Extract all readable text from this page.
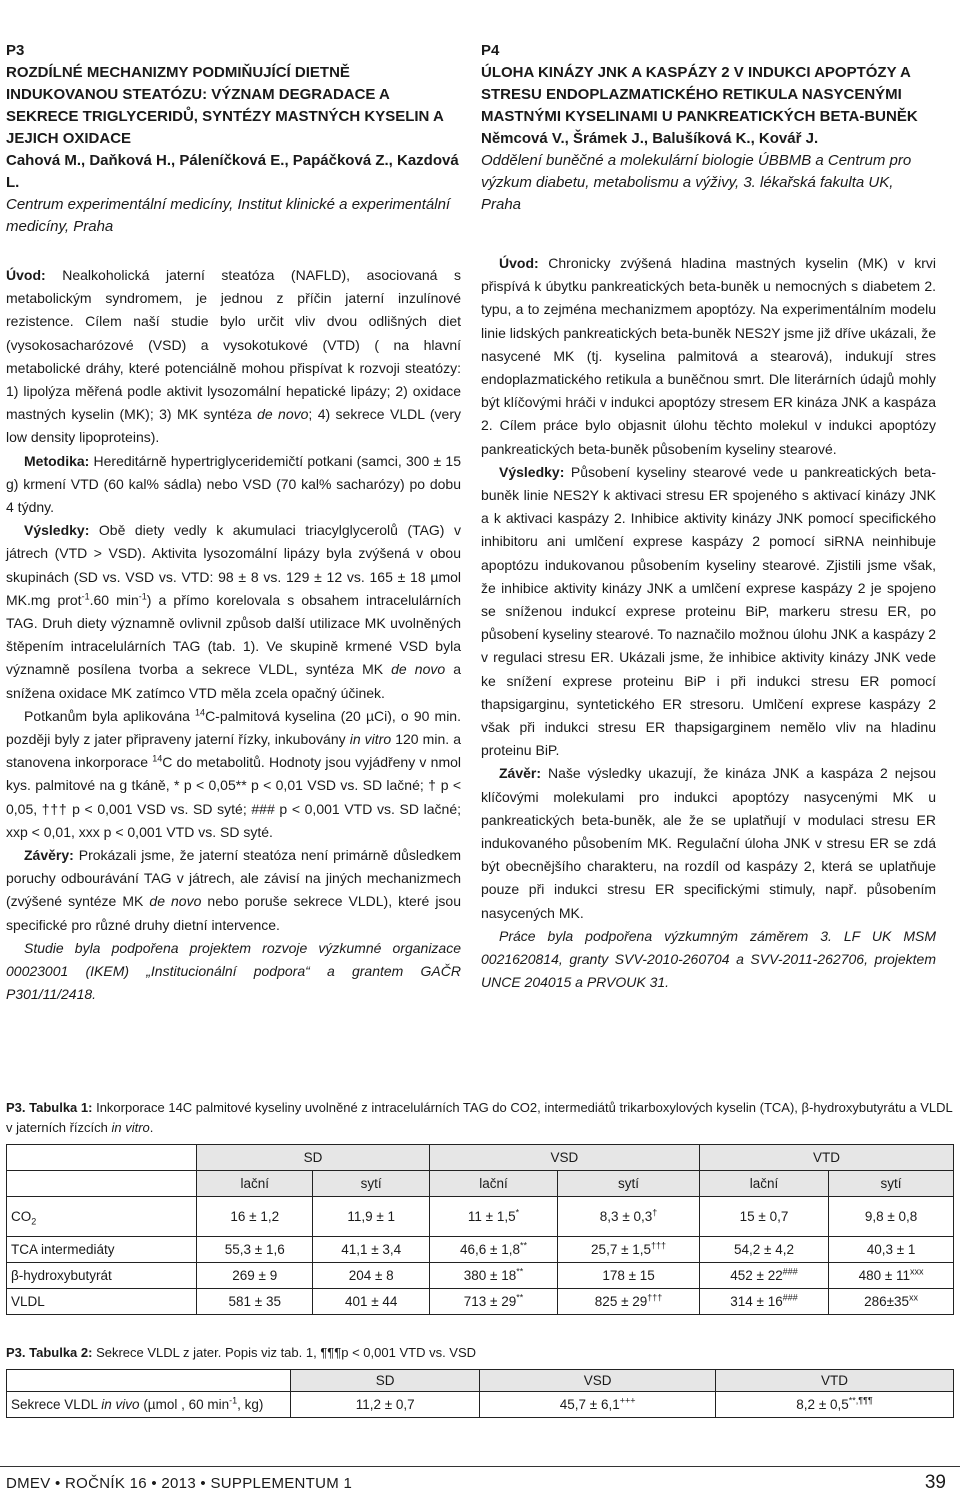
P3
ROZDÍLNÉ MECHANIZMY PODMIŇUJÍCÍ DIETNĚ INDUKOVANOU STEATÓZU: VÝZNAM DEGRADACE A SEKRECE TRIGLYCERIDŮ, SYNTÉZY MASTNÝCH KYSELIN A JEJICH OXIDACE
Cahová M., Daňková H., Páleníčková E., Papáčková Z., Kazdová L.
Centrum experimentální medicíny, Institut klinické a experimentální medicíny, Praha

Úvod: Nealkoholická jaterní steatóza (NAFLD), asociovaná s metabolickým syndromem, je jednou z příčin jaterní inzulínové rezistence. Cílem naší studie bylo určit vliv dvou odlišných diet (vysokosacharózové (VSD) a vysokotukové (VTD) ( na hlavní metabolické dráhy, které potenciálně mohou přispívat k rozvoji steatózy: 1) lipolýza měřená podle aktivit lysozomální hepatické lipázy; 2) oxidace mastných kyselin (MK); 3) MK syntéza de novo; 4) sekrece VLDL (very low density lipoproteins).

Metodika: Hereditárně hypertriglyceridemičtí potkani (samci, 300 ± 15 g) krmení VTD (60 kal% sádla) nebo VSD (70 kal% sacharózy) po dobu 4 týdny.

Výsledky: Obě diety vedly k akumulaci triacylglycerolů (TAG) v játrech (VTD > VSD). Aktivita lysozomální lipázy byla zvýšená v obou skupinách (SD vs. VSD vs. VTD: 98 ± 8 vs. 129 ± 12 vs. 165 ± 18 µmol MK.mg prot$^{-1}$.60 $\min^{-1}$) a přímo korelovala s obsahem intracelulárních TAG. Druh diety významně ovlivnil způsob další utilizace MK uvolněných štěpením intracelulárních TAG (tab. 1). Ve skupině krmené VSD byla významně posílena tvorba a sekrece VLDL, syntéza MK de novo a snížena oxidace MK zatímco VTD měla zcela opačný účinek.

Potkanům byla aplikována $^{14}$C-palmitová kyselina (20 µCi), o 90 min. později byly z jater připraveny jaterní řízky, inkubovány in vitro 120 min. a stanovena inkorporace $^{14}$C do metabolitů. Hodnoty jsou vyjádřeny v nmol kys. palmitové na g tkáně, * p < 0,05** p < 0,01 VSD vs. SD lačné; † p < 0,05, ††† p < 0,001 VSD vs. SD syté; ### p < 0,001 VTD vs. SD lačné; xxp < 0,01, xxx p < 0,001 VTD vs. SD syté.

Závěry: Prokázali jsme, že jaterní steatóza není primárně důsledkem poruchy odbourávání TAG v játrech, ale závisí na jiných mechanizmech (zvýšené syntéze MK de novo nebo poruše sekrece VLDL), které jsou specifické pro různé druhy dietní intervence.

Studie byla podpořena projektem rozvoje výzkumné organizace 00023001 (IKEM) „Institucionální podpora“ a grantem GAČR P301/11/2418.

P4
ÚLOHA KINÁZY JNK A KASPÁZY 2 V INDUKCI APOPTÓZY A STRESU ENDOPLAZMATICKÉHO RETIKULA NASYCENÝMI MASTNÝMI KYSELINAMI U PANKREATICKÝCH BETA-BUNĚK
Němcová V., Šrámek J., Balušíková K., Kovář J.
Oddělení buněčné a molekulární biologie ÚBBMB a Centrum pro výzkum diabetu, metabolismu a výživy, 3. lékařská fakulta UK, Praha

Úvod: Chronicky zvýšená hladina mastných kyselin (MK) v krvi přispívá k úbytku pankreatických beta-buněk u nemocných s diabetem 2. typu, a to zejména mechanizmem apoptózy. Na experimentálním modelu linie lidských pankreatických beta-buněk NES2Y jsme již dříve ukázali, že nasycené MK (tj. kyselina palmitová a stearová), indukují stres endoplazmatického retikula a buněčnou smrt. Dle literárních údajů mohly být klíčovými hráči v indukci apoptózy stresem ER kináza JNK a kaspáza 2. Cílem práce bylo objasnit úlohu těchto molekul v indukci apoptózy pankreatických beta-buněk působením kyseliny stearové.

Výsledky: Působení kyseliny stearové vede u pankreatických beta-buněk linie NES2Y k aktivaci stresu ER spojeného s aktivací kinázy JNK a k aktivaci kaspázy 2. Inhibice aktivity kinázy JNK pomocí specifického inhibitoru ani umlčení exprese kaspázy 2 pomocí siRNA neinhibuje apoptózu indukovanou působením kyseliny stearové. Zjistili jsme však, že inhibice aktivity kinázy JNK a umlčení exprese kaspázy 2 je spojeno se sníženou indukcí exprese proteinu BiP, markeru stresu ER, po působení kyseliny stearové. To naznačilo možnou úlohu JNK a kaspázy 2 v regulaci stresu ER. Ukázali jsme, že inhibice aktivity kinázy JNK vede ke snížení exprese proteinu BiP i při indukci stresu ER pomocí thapsigarginu, syntetického ER stresoru. Umlčení exprese kaspázy 2 však při indukci stresu ER thapsigarginem nemělo vliv na hladinu proteinu BiP.

Závěr: Naše výsledky ukazují, že kináza JNK a kaspáza 2 nejsou klíčovými molekulami pro indukci apoptózy nasycenými MK u pankreatických beta-buněk, ale že se uplatňují v modulaci stresu ER indukovaného působením MK. Regulační úloha JNK v stresu ER se zdá být obecnějšího charakteru, na rozdíl od kaspázy 2, která se uplatňuje pouze při indukci stresu ER specifickými stimuly, např. působením nasycených MK.

Práce byla podpořena výzkumným záměrem 3. LF UK MSM 0021620814, granty SVV-2010-260704 a SVV-2011-262706, projektem UNCE 204015 a PRVOUK 31.

P3. Tabulka 1: Inkorporace 14C palmitové kyseliny uvolněné z intracelulárních TAG do CO2, intermediátů trikarboxylových kyselin (TCA), β-hydroxybutyrátu a VLDL v jaterních řízcích in vitro.
	SD		VSD		VTD	
	lační	sytí	lační	sytí	lační	sytí
$CO_2$	16 ± 1,2	11,9 ± 1	11 ± 1,5*	8,3 ± 0,3†	15 ± 0,7	9,8 ± 0,8
TCA intermediáty	55,3 ± 1,6	41,1 ± 3,4	46,6 ± 1,8**	25,7 ± 1,5†††	54,2 ± 4,2	40,3 ± 1
β-hydroxybutyrát	269 ± 9	204 ± 8	380 ± 18**	178 ± 15	452 ± 22###	$480 \pm 11^{xxx}$
VLDL	581 ± 35	401 ± 44	713 ± 29**	825 ± 29†††	314 ± 16###	$286\pm 35^{xx}$
P3. Tabulka 2: Sekrece VLDL z jater. Popis viz tab. 1, ¶¶¶p < 0,001 VTD vs. VSD
	SD	VSD	VTD
Sekrece VLDL in vivo (µmol , 60 $\min^{-1}$, kg)	11,2 ± 0,7	45,7 ± 6,1+++	8,2 ± 0,5**,¶¶¶
DMEV • ROČNÍK 16 • 2013 • SUPPLEMENTUM 1	39
